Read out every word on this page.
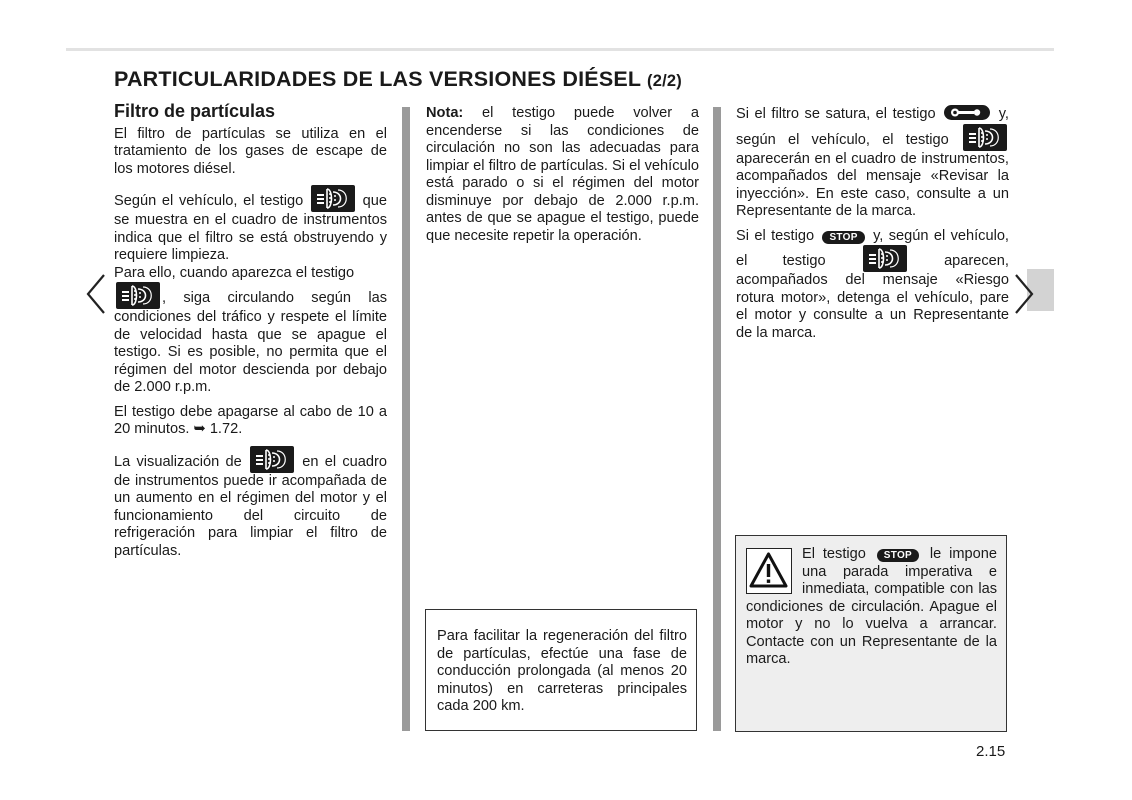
PARTICULARIDADES DE LAS VERSIONES DIÉSEL (2/2)
Filtro de partículas

El filtro de partículas se utiliza en el tratamiento de los gases de escape de los motores diésel.

Según el vehículo, el testigo	que se muestra en el cuadro de instrumentos indica que el filtro se está obstruyendo y requiere limpieza.

Para ello, cuando aparezca el testigo

, siga circulando según las condiciones del tráfico y respete el límite de velocidad hasta que se apague el testigo. Si es posible, no permita que el régimen del motor descienda por debajo de 2.000 r.p.m.

El testigo debe apagarse al cabo de 10 a 20 minutos. ➥ 1.72.

La visualización de	en el cuadro de instrumentos puede ir acompañada de un aumento en el régimen del motor y el funcionamiento del circuito de refrigeración para limpiar el filtro de partículas.

Nota: el testigo puede volver a encenderse si las condiciones de circulación no son las adecuadas para limpiar el filtro de partículas. Si el vehículo está parado o si el régimen del motor disminuye por debajo de 2.000 r.p.m. antes de que se apague el testigo, puede que necesite repetir la operación.

Para facilitar la regeneración del filtro de partículas, efectúe una fase de conducción prolongada (al menos 20 minutos) en carreteras principales cada 200 km.

Si el filtro se satura, el testigo	y, según el vehículo, el testigo
aparecerán en el cuadro de instrumentos, acompañados del mensaje «Revisar la inyección». En este caso, consulte a un Representante de la marca.

Si el testigo STOP y, según el vehículo, el testigo	aparecen, acompañados del mensaje «Riesgo rotura motor», detenga el vehículo, pare el motor y consulte a un Representante de la marca.

El testigo STOP le impone una parada imperativa e inmediata, compatible con las condiciones de circulación. Apague el motor y no lo vuelva a arrancar. Contacte con un Representante de la marca.

2.15
